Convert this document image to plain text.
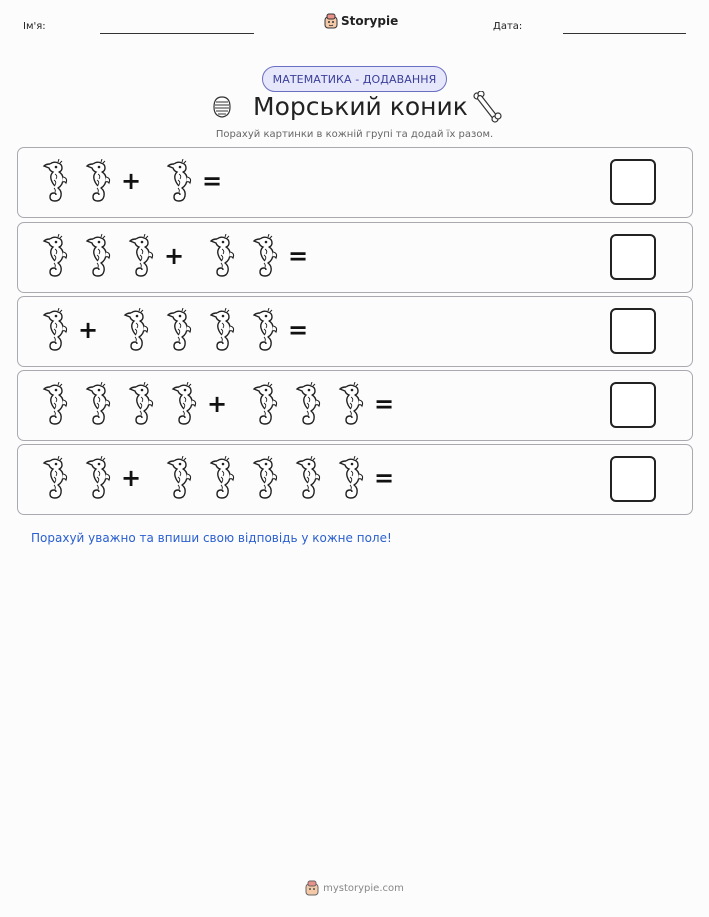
Ім'я:	Storypie	Дата:
МАТЕМАТИКА - ДОДАВАННЯ
Морський коник
Порахуй картинки в кожній групі та додай їх разом.
+	=
+	=
+	=
+	=
+	=
Порахуй уважно та впиши свою відповідь у кожне поле!
mystorypie.com
